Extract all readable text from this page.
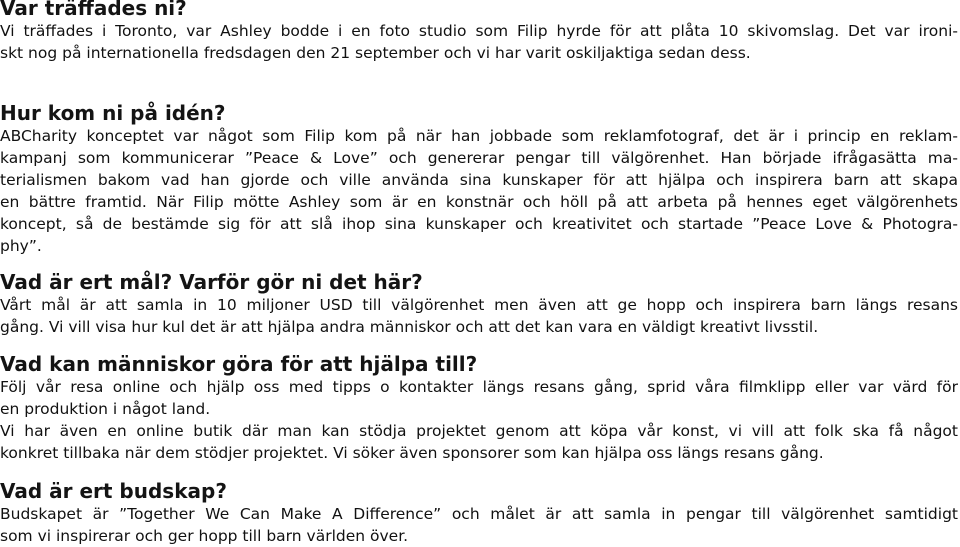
Var träffades ni?
Vi träffades i Toronto, var Ashley bodde i en foto studio som Filip hyrde för att plåta 10 skivomslag. Det var ironi-
skt nog på internationella fredsdagen den 21 september och vi har varit oskiljaktiga sedan dess.
Hur kom ni på idén?
ABCharity konceptet var något som Filip kom på när han jobbade som reklamfotograf, det är i princip en reklam-
kampanj som kommunicerar ”Peace & Love” och genererar pengar till välgörenhet. Han började ifrågasätta ma-
terialismen bakom vad han gjorde och ville använda sina kunskaper för att hjälpa och inspirera barn att skapa
en bättre framtid. När Filip mötte Ashley som är en konstnär och höll på att arbeta på hennes eget välgörenhets
koncept, så de bestämde sig för att slå ihop sina kunskaper och kreativitet och startade ”Peace Love & Photogra-
phy”.
Vad är ert mål? Varför gör ni det här?
Vårt mål är att samla in 10 miljoner USD till välgörenhet men även att ge hopp och inspirera barn längs resans
gång. Vi vill visa hur kul det är att hjälpa andra människor och att det kan vara en väldigt kreativt livsstil.
Vad kan människor göra för att hjälpa till?
Följ vår resa online och hjälp oss med tipps o kontakter längs resans gång, sprid våra filmklipp eller var värd för
en produktion i något land.
Vi har även en online butik där man kan stödja projektet genom att köpa vår konst, vi vill att folk ska få något
konkret tillbaka när dem stödjer projektet. Vi söker även sponsorer som kan hjälpa oss längs resans gång.
Vad är ert budskap?
Budskapet är ”Together We Can Make A Difference” och målet är att samla in pengar till välgörenhet samtidigt
som vi inspirerar och ger hopp till barn världen över.
